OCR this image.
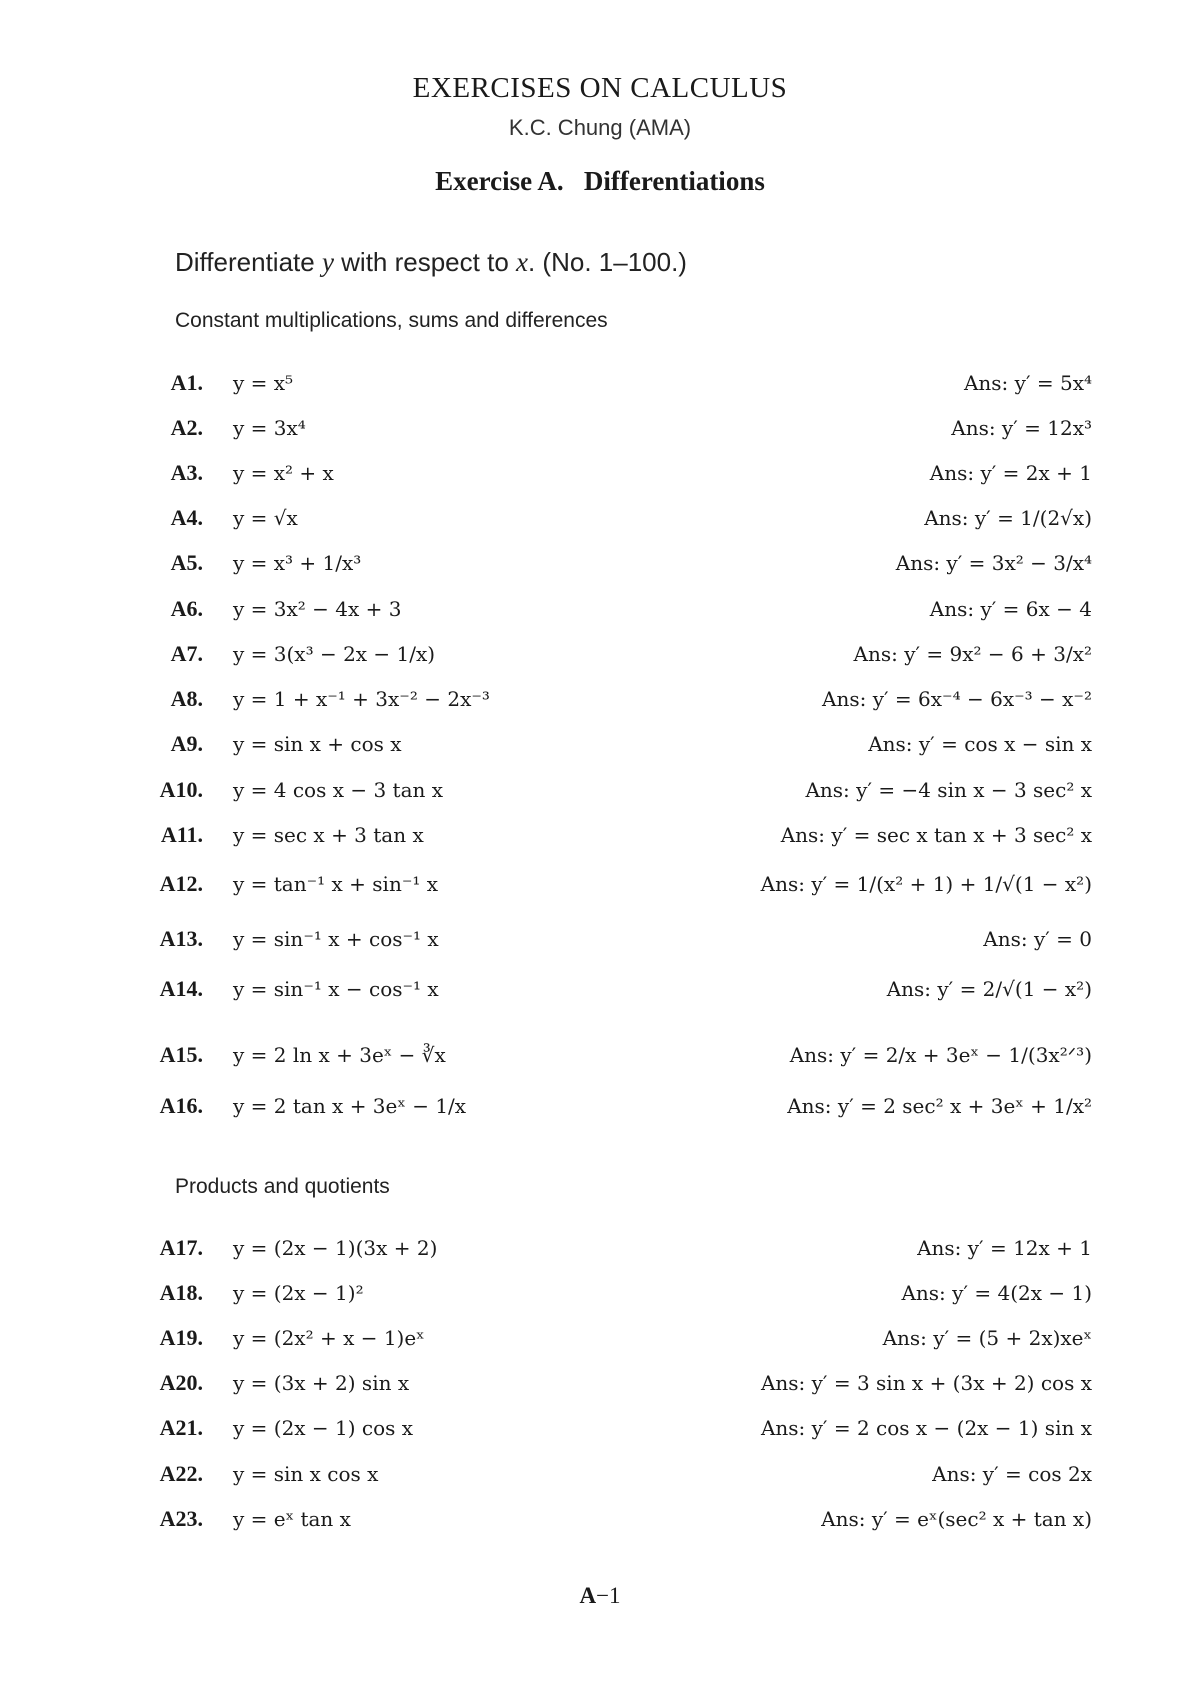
EXERCISES ON CALCULUS
K.C. Chung (AMA)
Exercise A.   Differentiations
Differentiate y with respect to x. (No. 1–100.)
Constant multiplications, sums and differences
A1. y = x⁵	Ans: y′ = 5x⁴
A2. y = 3x⁴	Ans: y′ = 12x³
A3. y = x² + x	Ans: y′ = 2x + 1
A4. y = √x	Ans: y′ = 1/(2√x)
A5. y = x³ + 1/x³	Ans: y′ = 3x² − 3/x⁴
A6. y = 3x² − 4x + 3	Ans: y′ = 6x − 4
A7. y = 3(x³ − 2x − 1/x)	Ans: y′ = 9x² − 6 + 3/x²
A8. y = 1 + x⁻¹ + 3x⁻² − 2x⁻³	Ans: y′ = 6x⁻⁴ − 6x⁻³ − x⁻²
A9. y = sin x + cos x	Ans: y′ = cos x − sin x
A10. y = 4 cos x − 3 tan x	Ans: y′ = −4 sin x − 3 sec² x
A11. y = sec x + 3 tan x	Ans: y′ = sec x tan x + 3 sec² x
A12. y = tan⁻¹ x + sin⁻¹ x	Ans: y′ = 1/(x² + 1) + 1/√(1 − x²)
A13. y = sin⁻¹ x + cos⁻¹ x	Ans: y′ = 0
A14. y = sin⁻¹ x − cos⁻¹ x	Ans: y′ = 2/√(1 − x²)
A15. y = 2 ln x + 3eˣ − ∛x	Ans: y′ = 2/x + 3eˣ − 1/(3x²ᐟ³)
A16. y = 2 tan x + 3eˣ − 1/x	Ans: y′ = 2 sec² x + 3eˣ + 1/x²
Products and quotients
A17. y = (2x − 1)(3x + 2)	Ans: y′ = 12x + 1
A18. y = (2x − 1)²	Ans: y′ = 4(2x − 1)
A19. y = (2x² + x − 1)eˣ	Ans: y′ = (5 + 2x)xeˣ
A20. y = (3x + 2) sin x	Ans: y′ = 3 sin x + (3x + 2) cos x
A21. y = (2x − 1) cos x	Ans: y′ = 2 cos x − (2x − 1) sin x
A22. y = sin x cos x	Ans: y′ = cos 2x
A23. y = eˣ tan x	Ans: y′ = eˣ(sec² x + tan x)
A−1
